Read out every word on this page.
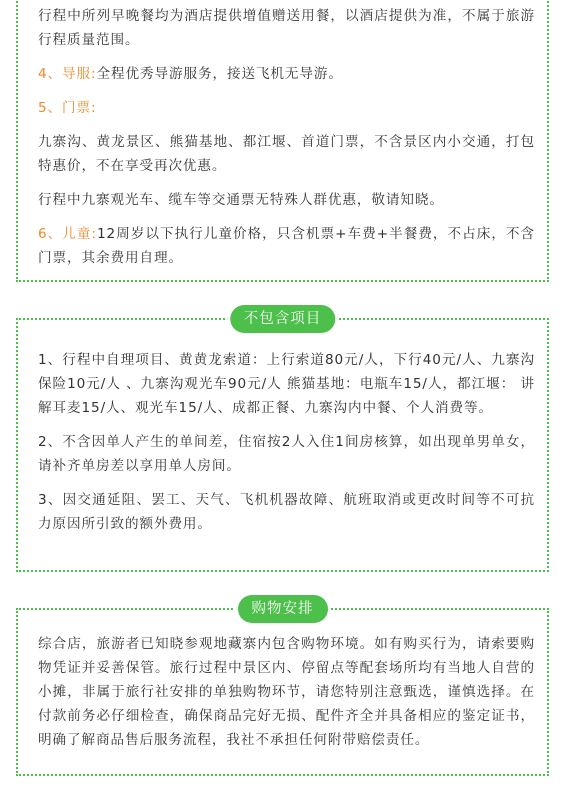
行程中所列早晚餐均为酒店提供增值赠送用餐，以酒店提供为准，不属于旅游行程质量范围。

4、导服:全程优秀导游服务，接送飞机无导游。

5、门票:

九寨沟、黄龙景区、熊猫基地、都江堰、首道门票，不含景区内小交通，打包特惠价，不在享受再次优惠。

行程中九寨观光车、缆车等交通票无特殊人群优惠，敬请知晓。

6、儿童:12周岁以下执行儿童价格，只含机票+车费+半餐费，不占床，不含门票，其余费用自理。

不包含项目

1、行程中自理项目、黄黄龙索道：上行索道80元/人，下行40元/人、九寨沟保险10元/人 、九寨沟观光车90元/人 熊猫基地：电瓶车15/人，都江堰： 讲解耳麦15/人、观光车15/人、成都正餐、九寨沟内中餐、个人消费等。

2、不含因单人产生的单间差，住宿按2人入住1间房核算，如出现单男单女，请补齐单房差以享用单人房间。

3、因交通延阻、罢工、天气、飞机机器故障、航班取消或更改时间等不可抗力原因所引致的额外费用。

购物安排

综合店，旅游者已知晓参观地藏寨内包含购物环境。如有购买行为，请索要购物凭证并妥善保管。旅行过程中景区内、停留点等配套场所均有当地人自营的小摊，非属于旅行社安排的单独购物环节，请您特别注意甄选，谨慎选择。在付款前务必仔细检查，确保商品完好无损、配件齐全并具备相应的鉴定证书，明确了解商品售后服务流程，我社不承担任何附带赔偿责任。
